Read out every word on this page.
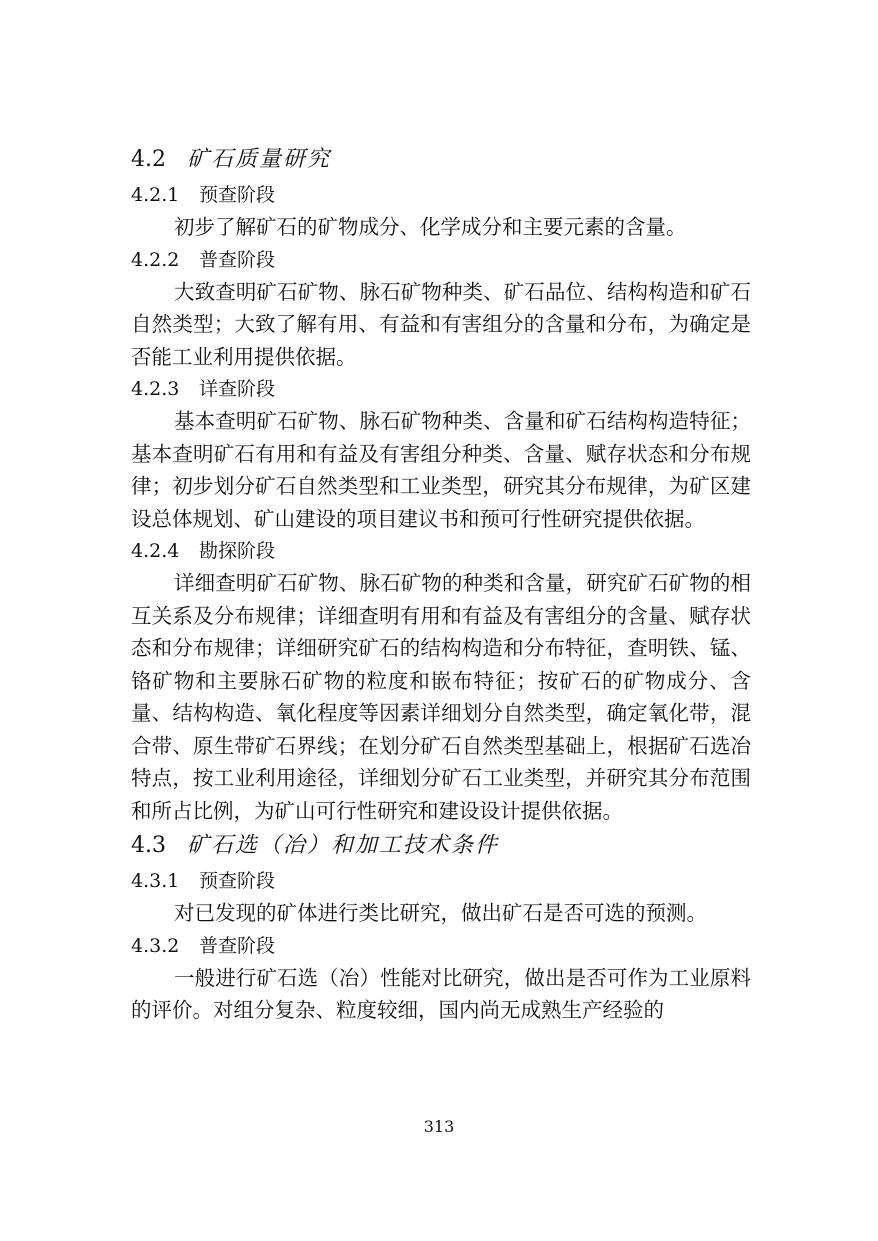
4.2 矿石质量研究
4.2.1 预查阶段

初步了解矿石的矿物成分、化学成分和主要元素的含量。

4.2.2 普查阶段

大致查明矿石矿物、脉石矿物种类、矿石品位、结构构造和矿石自然类型；大致了解有用、有益和有害组分的含量和分布，为确定是否能工业利用提供依据。

4.2.3 详查阶段

基本查明矿石矿物、脉石矿物种类、含量和矿石结构构造特征；基本查明矿石有用和有益及有害组分种类、含量、赋存状态和分布规律；初步划分矿石自然类型和工业类型，研究其分布规律，为矿区建设总体规划、矿山建设的项目建议书和预可行性研究提供依据。

4.2.4 勘探阶段

详细查明矿石矿物、脉石矿物的种类和含量，研究矿石矿物的相互关系及分布规律；详细查明有用和有益及有害组分的含量、赋存状态和分布规律；详细研究矿石的结构构造和分布特征，查明铁、锰、铬矿物和主要脉石矿物的粒度和嵌布特征；按矿石的矿物成分、含量、结构构造、氧化程度等因素详细划分自然类型，确定氧化带，混合带、原生带矿石界线；在划分矿石自然类型基础上，根据矿石选冶特点，按工业利用途径，详细划分矿石工业类型，并研究其分布范围和所占比例，为矿山可行性研究和建设设计提供依据。

4.3 矿石选（冶）和加工技术条件
4.3.1 预查阶段

对已发现的矿体进行类比研究，做出矿石是否可选的预测。

4.3.2 普查阶段

一般进行矿石选（冶）性能对比研究，做出是否可作为工业原料的评价。对组分复杂、粒度较细，国内尚无成熟生产经验的

313
